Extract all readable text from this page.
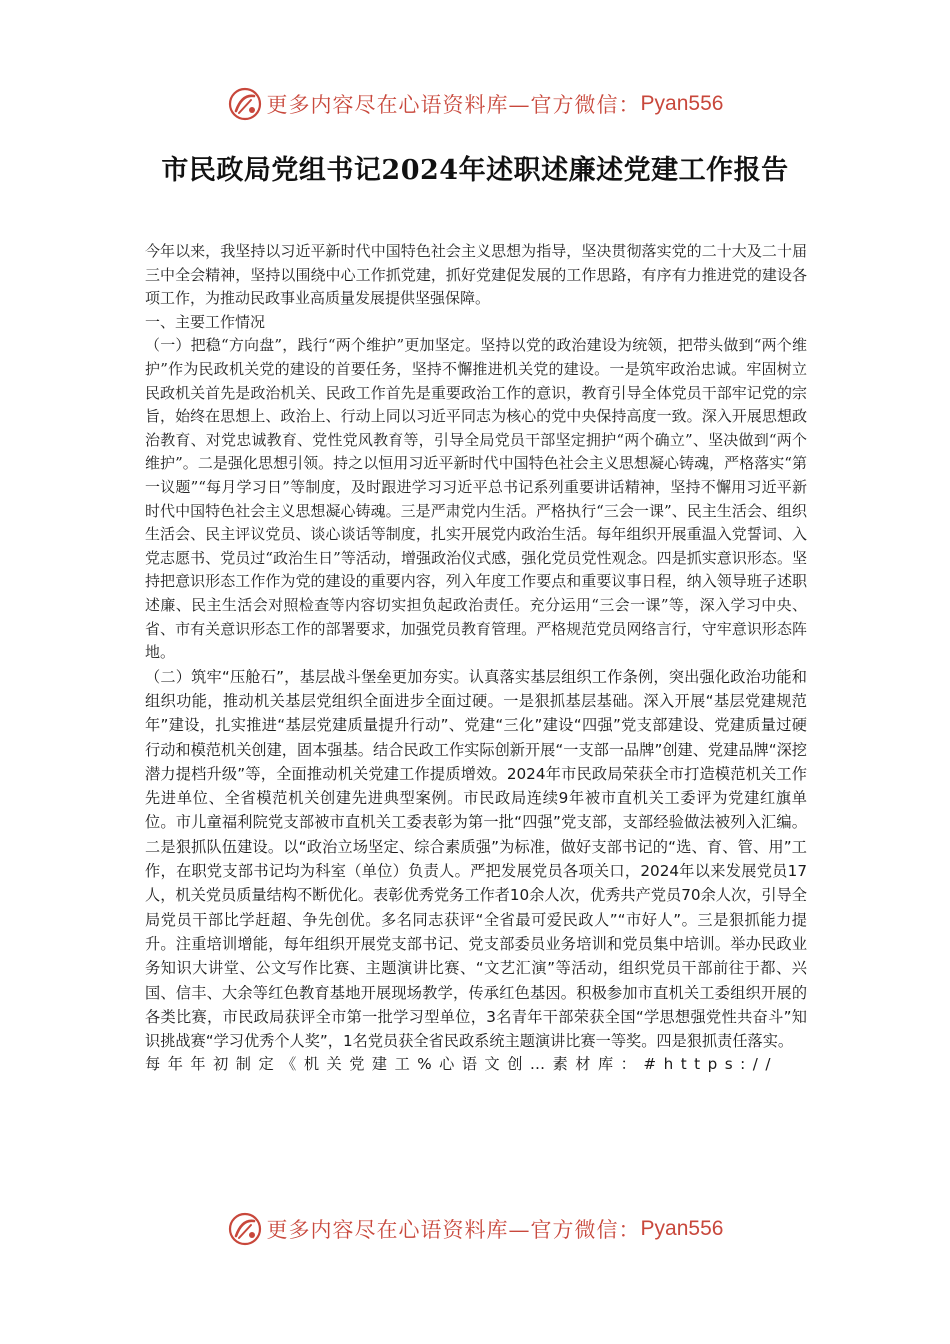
更多内容尽在心语资料库—官方微信： Pyan556
市民政局党组书记2024年述职述廉述党建工作报告

今年以来，我坚持以习近平新时代中国特色社会主义思想为指导，坚决贯彻落实党的二十大及二十届三中全会精神，坚持以围绕中心工作抓党建，抓好党建促发展的工作思路，有序有力推进党的建设各项工作，为推动民政事业高质量发展提供坚强保障。

一、主要工作情况

（一）把稳“方向盘”，践行“两个维护”更加坚定。坚持以党的政治建设为统领，把带头做到“两个维护”作为民政机关党的建设的首要任务，坚持不懈推进机关党的建设。一是筑牢政治忠诚。牢固树立民政机关首先是政治机关、民政工作首先是重要政治工作的意识，教育引导全体党员干部牢记党的宗旨，始终在思想上、政治上、行动上同以习近平同志为核心的党中央保持高度一致。深入开展思想政治教育、对党忠诚教育、党性党风教育等，引导全局党员干部坚定拥护“两个确立”、坚决做到“两个维护”。二是强化思想引领。持之以恒用习近平新时代中国特色社会主义思想凝心铸魂，严格落实“第一议题”“每月学习日”等制度，及时跟进学习习近平总书记系列重要讲话精神，坚持不懈用习近平新时代中国特色社会主义思想凝心铸魂。三是严肃党内生活。严格执行“三会一课”、民主生活会、组织生活会、民主评议党员、谈心谈话等制度，扎实开展党内政治生活。每年组织开展重温入党誓词、入党志愿书、党员过“政治生日”等活动，增强政治仪式感，强化党员党性观念。四是抓实意识形态。坚持把意识形态工作作为党的建设的重要内容，列入年度工作要点和重要议事日程，纳入领导班子述职述廉、民主生活会对照检查等内容切实担负起政治责任。充分运用“三会一课”等，深入学习中央、省、市有关意识形态工作的部署要求，加强党员教育管理。严格规范党员网络言行，守牢意识形态阵地。

（二）筑牢“压舱石”，基层战斗堡垒更加夯实。认真落实基层组织工作条例，突出强化政治功能和组织功能，推动机关基层党组织全面进步全面过硬。一是狠抓基层基础。深入开展“基层党建规范年”建设，扎实推进“基层党建质量提升行动”、党建“三化”建设“四强”党支部建设、党建质量过硬行动和模范机关创建，固本强基。结合民政工作实际创新开展“一支部一品牌”创建、党建品牌“深挖潜力提档升级”等，全面推动机关党建工作提质增效。2024年市民政局荣获全市打造模范机关工作先进单位、全省模范机关创建先进典型案例。市民政局连续9年被市直机关工委评为党建红旗单位。市儿童福利院党支部被市直机关工委表彰为第一批“四强”党支部，支部经验做法被列入汇编。二是狠抓队伍建设。以“政治立场坚定、综合素质强”为标准，做好支部书记的“选、育、管、用”工作，在职党支部书记均为科室（单位）负责人。严把发展党员各项关口，2024年以来发展党员17人，机关党员质量结构不断优化。表彰优秀党务工作者10余人次，优秀共产党员70余人次，引导全局党员干部比学赶超、争先创优。多名同志获评“全省最可爱民政人”“市好人”。三是狠抓能力提升。注重培训增能，每年组织开展党支部书记、党支部委员业务培训和党员集中培训。举办民政业务知识大讲堂、公文写作比赛、主题演讲比赛、“文艺汇演”等活动，组织党员干部前往于都、兴国、信丰、大余等红色教育基地开展现场教学，传承红色基因。积极参加市直机关工委组织开展的各类比赛，市民政局获评全市第一批学习型单位，3名青年干部荣获全国“学思想强党性共奋斗”知识挑战赛“学习优秀个人奖”，1名党员获全省民政系统主题演讲比赛一等奖。四是狠抓责任落实。

每年年初制定《机关党建工%心语文创…素材库：#https://
更多内容尽在心语资料库—官方微信： Pyan556
